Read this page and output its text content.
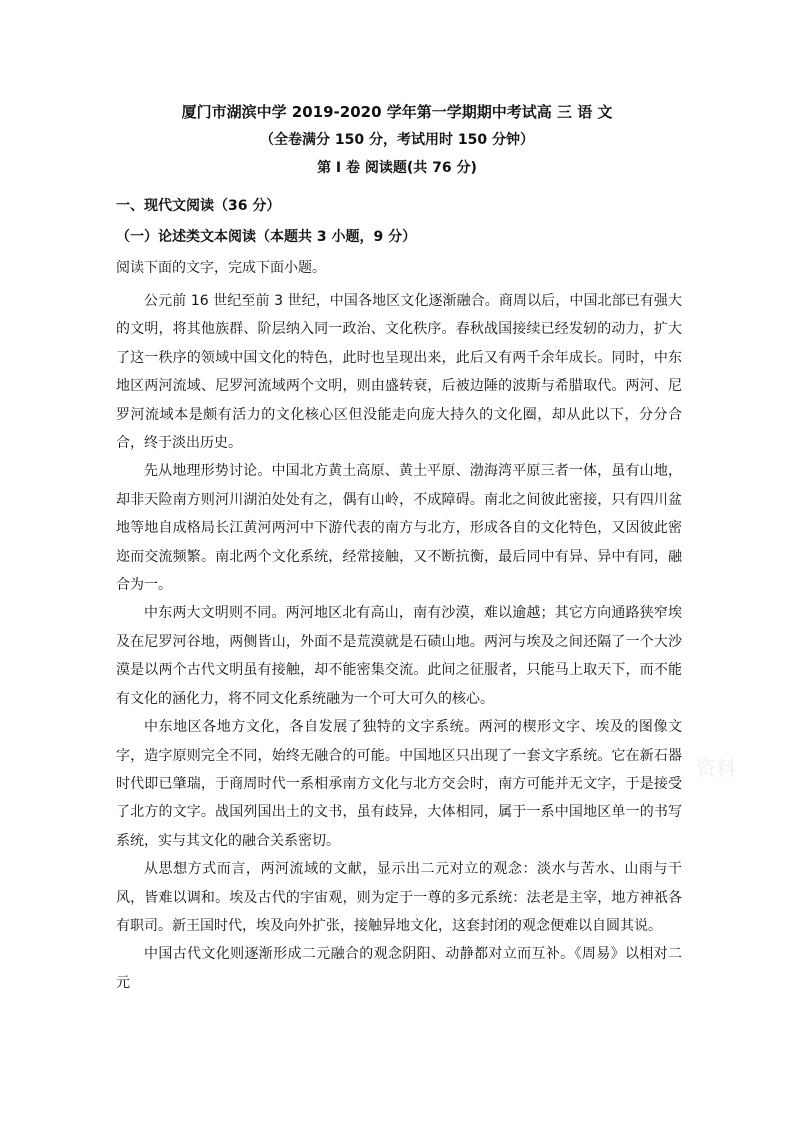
厦门市湖滨中学 2019-2020 学年第一学期期中考试高 三 语 文

（全卷满分 150 分，考试用时 150 分钟）

第 I 卷 阅读题(共 76 分)

一、现代文阅读（36 分）

（一）论述类文本阅读（本题共 3 小题，9 分）

阅读下面的文字，完成下面小题。

公元前 16 世纪至前 3 世纪，中国各地区文化逐渐融合。商周以后，中国北部已有强大的文明，将其他族群、阶层纳入同一政治、文化秩序。春秋战国接续已经发轫的动力，扩大了这一秩序的领域中国文化的特色，此时也呈现出来，此后又有两千余年成长。同时，中东地区两河流域、尼罗河流域两个文明，则由盛转衰，后被边陲的波斯与希腊取代。两河、尼罗河流域本是颇有活力的文化核心区但没能走向庞大持久的文化圈，却从此以下，分分合合，终于淡出历史。

先从地理形势讨论。中国北方黄土高原、黄土平原、渤海湾平原三者一体，虽有山地，却非天险南方则河川湖泊处处有之，偶有山岭，不成障碍。南北之间彼此密接，只有四川盆地等地自成格局长江黄河两河中下游代表的南方与北方，形成各自的文化特色，又因彼此密迩而交流频繁。南北两个文化系统，经常接触，又不断抗衡，最后同中有异、异中有同，融合为一。

中东两大文明则不同。两河地区北有高山，南有沙漠，难以逾越；其它方向通路狭窄埃及在尼罗河谷地，两侧皆山，外面不是荒漠就是石碛山地。两河与埃及之间还隔了一个大沙漠是以两个古代文明虽有接触，却不能密集交流。此间之征服者，只能马上取天下，而不能有文化的涵化力，将不同文化系统融为一个可大可久的核心。

中东地区各地方文化，各自发展了独特的文字系统。两河的楔形文字、埃及的图像文字，造字原则完全不同，始终无融合的可能。中国地区只出现了一套文字系统。它在新石器时代即已肇瑞，于商周时代一系相承南方文化与北方交会时，南方可能并无文字，于是接受了北方的文字。战国列国出土的文书，虽有歧异，大体相同，属于一系中国地区单一的书写系统，实与其文化的融合关系密切。

从思想方式而言，两河流域的文献，显示出二元对立的观念：淡水与苦水、山雨与干风，皆难以调和。埃及古代的宇宙观，则为定于一尊的多元系统：法老是主宰，地方神祇各有职司。新王国时代，埃及向外扩张，接触异地文化，这套封闭的观念便难以自圆其说。

中国古代文化则逐渐形成二元融合的观念阴阳、动静都对立而互补。《周易》以相对二元

资料
